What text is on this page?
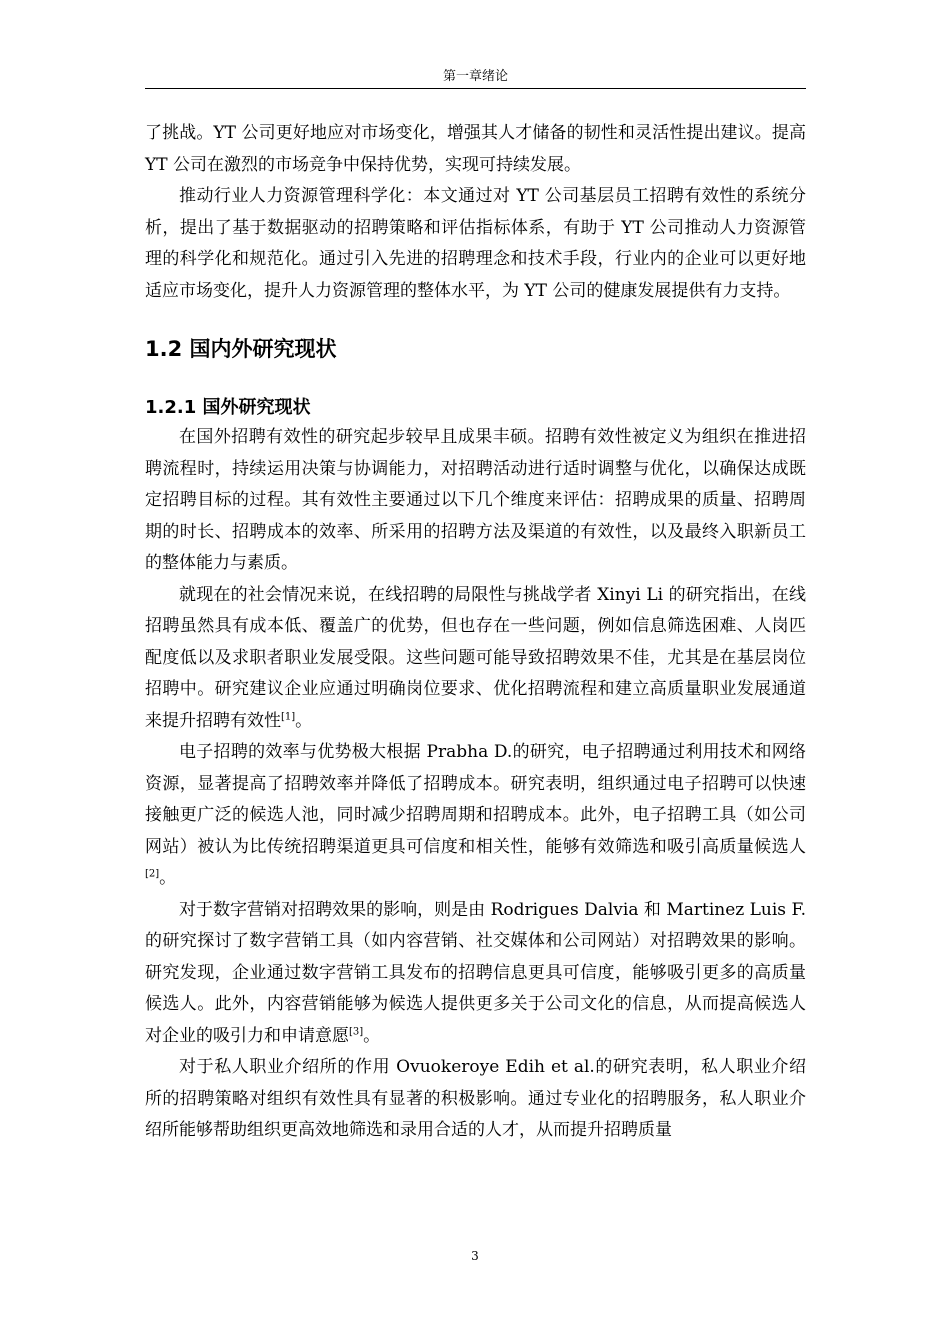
第一章绪论

了挑战。YT 公司更好地应对市场变化，增强其人才储备的韧性和灵活性提出建议。提高 YT 公司在激烈的市场竞争中保持优势，实现可持续发展。

推动行业人力资源管理科学化：本文通过对 YT 公司基层员工招聘有效性的系统分析，提出了基于数据驱动的招聘策略和评估指标体系，有助于 YT 公司推动人力资源管理的科学化和规范化。通过引入先进的招聘理念和技术手段，行业内的企业可以更好地适应市场变化，提升人力资源管理的整体水平，为 YT 公司的健康发展提供有力支持。

1.2 国内外研究现状
1.2.1 国外研究现状

在国外招聘有效性的研究起步较早且成果丰硕。招聘有效性被定义为组织在推进招聘流程时，持续运用决策与协调能力，对招聘活动进行适时调整与优化，以确保达成既定招聘目标的过程。其有效性主要通过以下几个维度来评估：招聘成果的质量、招聘周期的时长、招聘成本的效率、所采用的招聘方法及渠道的有效性，以及最终入职新员工的整体能力与素质。

就现在的社会情况来说，在线招聘的局限性与挑战学者 Xinyi Li 的研究指出，在线招聘虽然具有成本低、覆盖广的优势，但也存在一些问题，例如信息筛选困难、人岗匹配度低以及求职者职业发展受限。这些问题可能导致招聘效果不佳，尤其是在基层岗位招聘中。研究建议企业应通过明确岗位要求、优化招聘流程和建立高质量职业发展通道来提升招聘有效性[1]。

电子招聘的效率与优势极大根据 Prabha D.的研究，电子招聘通过利用技术和网络资源，显著提高了招聘效率并降低了招聘成本。研究表明，组织通过电子招聘可以快速接触更广泛的候选人池，同时减少招聘周期和招聘成本。此外，电子招聘工具（如公司网站）被认为比传统招聘渠道更具可信度和相关性，能够有效筛选和吸引高质量候选人[2]。

对于数字营销对招聘效果的影响，则是由 Rodrigues Dalvia 和 Martinez Luis F. 的研究探讨了数字营销工具（如内容营销、社交媒体和公司网站）对招聘效果的影响。研究发现，企业通过数字营销工具发布的招聘信息更具可信度，能够吸引更多的高质量候选人。此外，内容营销能够为候选人提供更多关于公司文化的信息，从而提高候选人对企业的吸引力和申请意愿[3]。

对于私人职业介绍所的作用 Ovuokeroye Edih et al.的研究表明，私人职业介绍所的招聘策略对组织有效性具有显著的积极影响。通过专业化的招聘服务，私人职业介绍所能够帮助组织更高效地筛选和录用合适的人才，从而提升招聘质量

3
